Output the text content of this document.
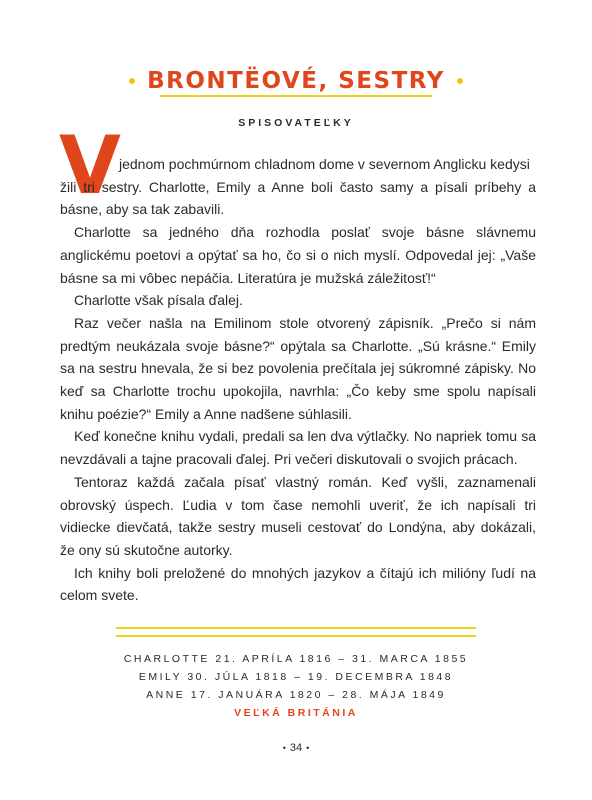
BRONTËOVÉ, SESTRY
SPISOVATEĽKY
V

jednom pochmúrnom chladnom dome v severnom Anglicku kedysi žili tri sestry. Charlotte, Emily a Anne boli často samy a písali príbehy a básne, aby sa tak zabavili.

Charlotte sa jedného dňa rozhodla poslať svoje básne slávnemu anglickému poetovi a opýtať sa ho, čo si o nich myslí. Odpovedal jej: „Vaše básne sa mi vôbec nepáčia. Literatúra je mužská záležitosť!“

Charlotte však písala ďalej.

Raz večer našla na Emilinom stole otvorený zápisník. „Prečo si nám predtým neukázala svoje básne?“ opýtala sa Charlotte. „Sú krásne.“ Emily sa na sestru hnevala, že si bez povolenia prečítala jej súkromné zápisky. No keď sa Charlotte trochu upokojila, navrhla: „Čo keby sme spolu napísali knihu poézie?“ Emily a Anne nadšene súhlasili.

Keď konečne knihu vydali, predali sa len dva výtlačky. No napriek tomu sa nevzdávali a tajne pracovali ďalej. Pri večeri diskutovali o svojich prácach.

Tentoraz každá začala písať vlastný román. Keď vyšli, zaznamenali obrovský úspech. Ľudia v tom čase nemohli uveriť, že ich napísali tri vidiecke dievčatá, takže sestry museli cestovať do Londýna, aby dokázali, že ony sú skutočne autorky.

Ich knihy boli preložené do mnohých jazykov a čítajú ich milióny ľudí na celom svete.

CHARLOTTE 21. APRÍLA 1816 – 31. MARCA 1855
EMILY 30. JÚLA 1818 – 19. DECEMBRA 1848
ANNE 17. JANUÁRA 1820 – 28. MÁJA 1849
VEĽKÁ BRITÁNIA
• 34 •
